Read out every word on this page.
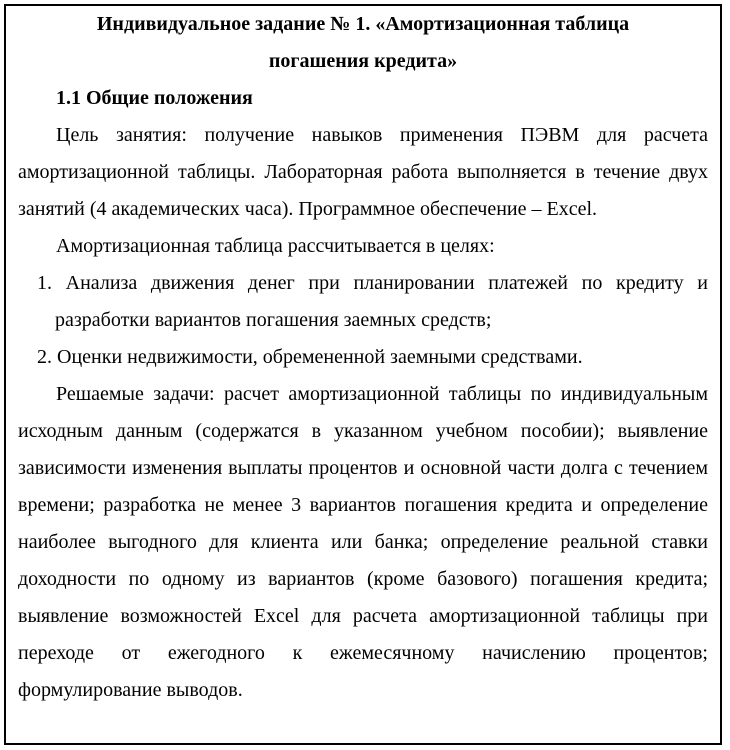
Индивидуальное задание № 1. «Амортизационная таблица
погашения кредита»
1.1 Общие положения

Цель занятия: получение навыков применения ПЭВМ для расчета амортизационной таблицы. Лабораторная работа выполняется в течение двух занятий (4 академических часа). Программное обеспечение – Excel.

Амортизационная таблица рассчитывается в целях:

1. Анализа движения денег при планировании платежей по кредиту и разработки вариантов погашения заемных средств;

2. Оценки недвижимости, обремененной заемными средствами.

Решаемые задачи: расчет амортизационной таблицы по индивидуальным исходным данным (содержатся в указанном учебном пособии); выявление зависимости изменения выплаты процентов и основной части долга с течением времени; разработка не менее 3 вариантов погашения кредита и определение наиболее выгодного для клиента или банка; определение реальной ставки доходности по одному из вариантов (кроме базового) погашения кредита; выявление возможностей Excel для расчета амортизационной таблицы при переходе от ежегодного к ежемесячному начислению процентов; формулирование выводов.
